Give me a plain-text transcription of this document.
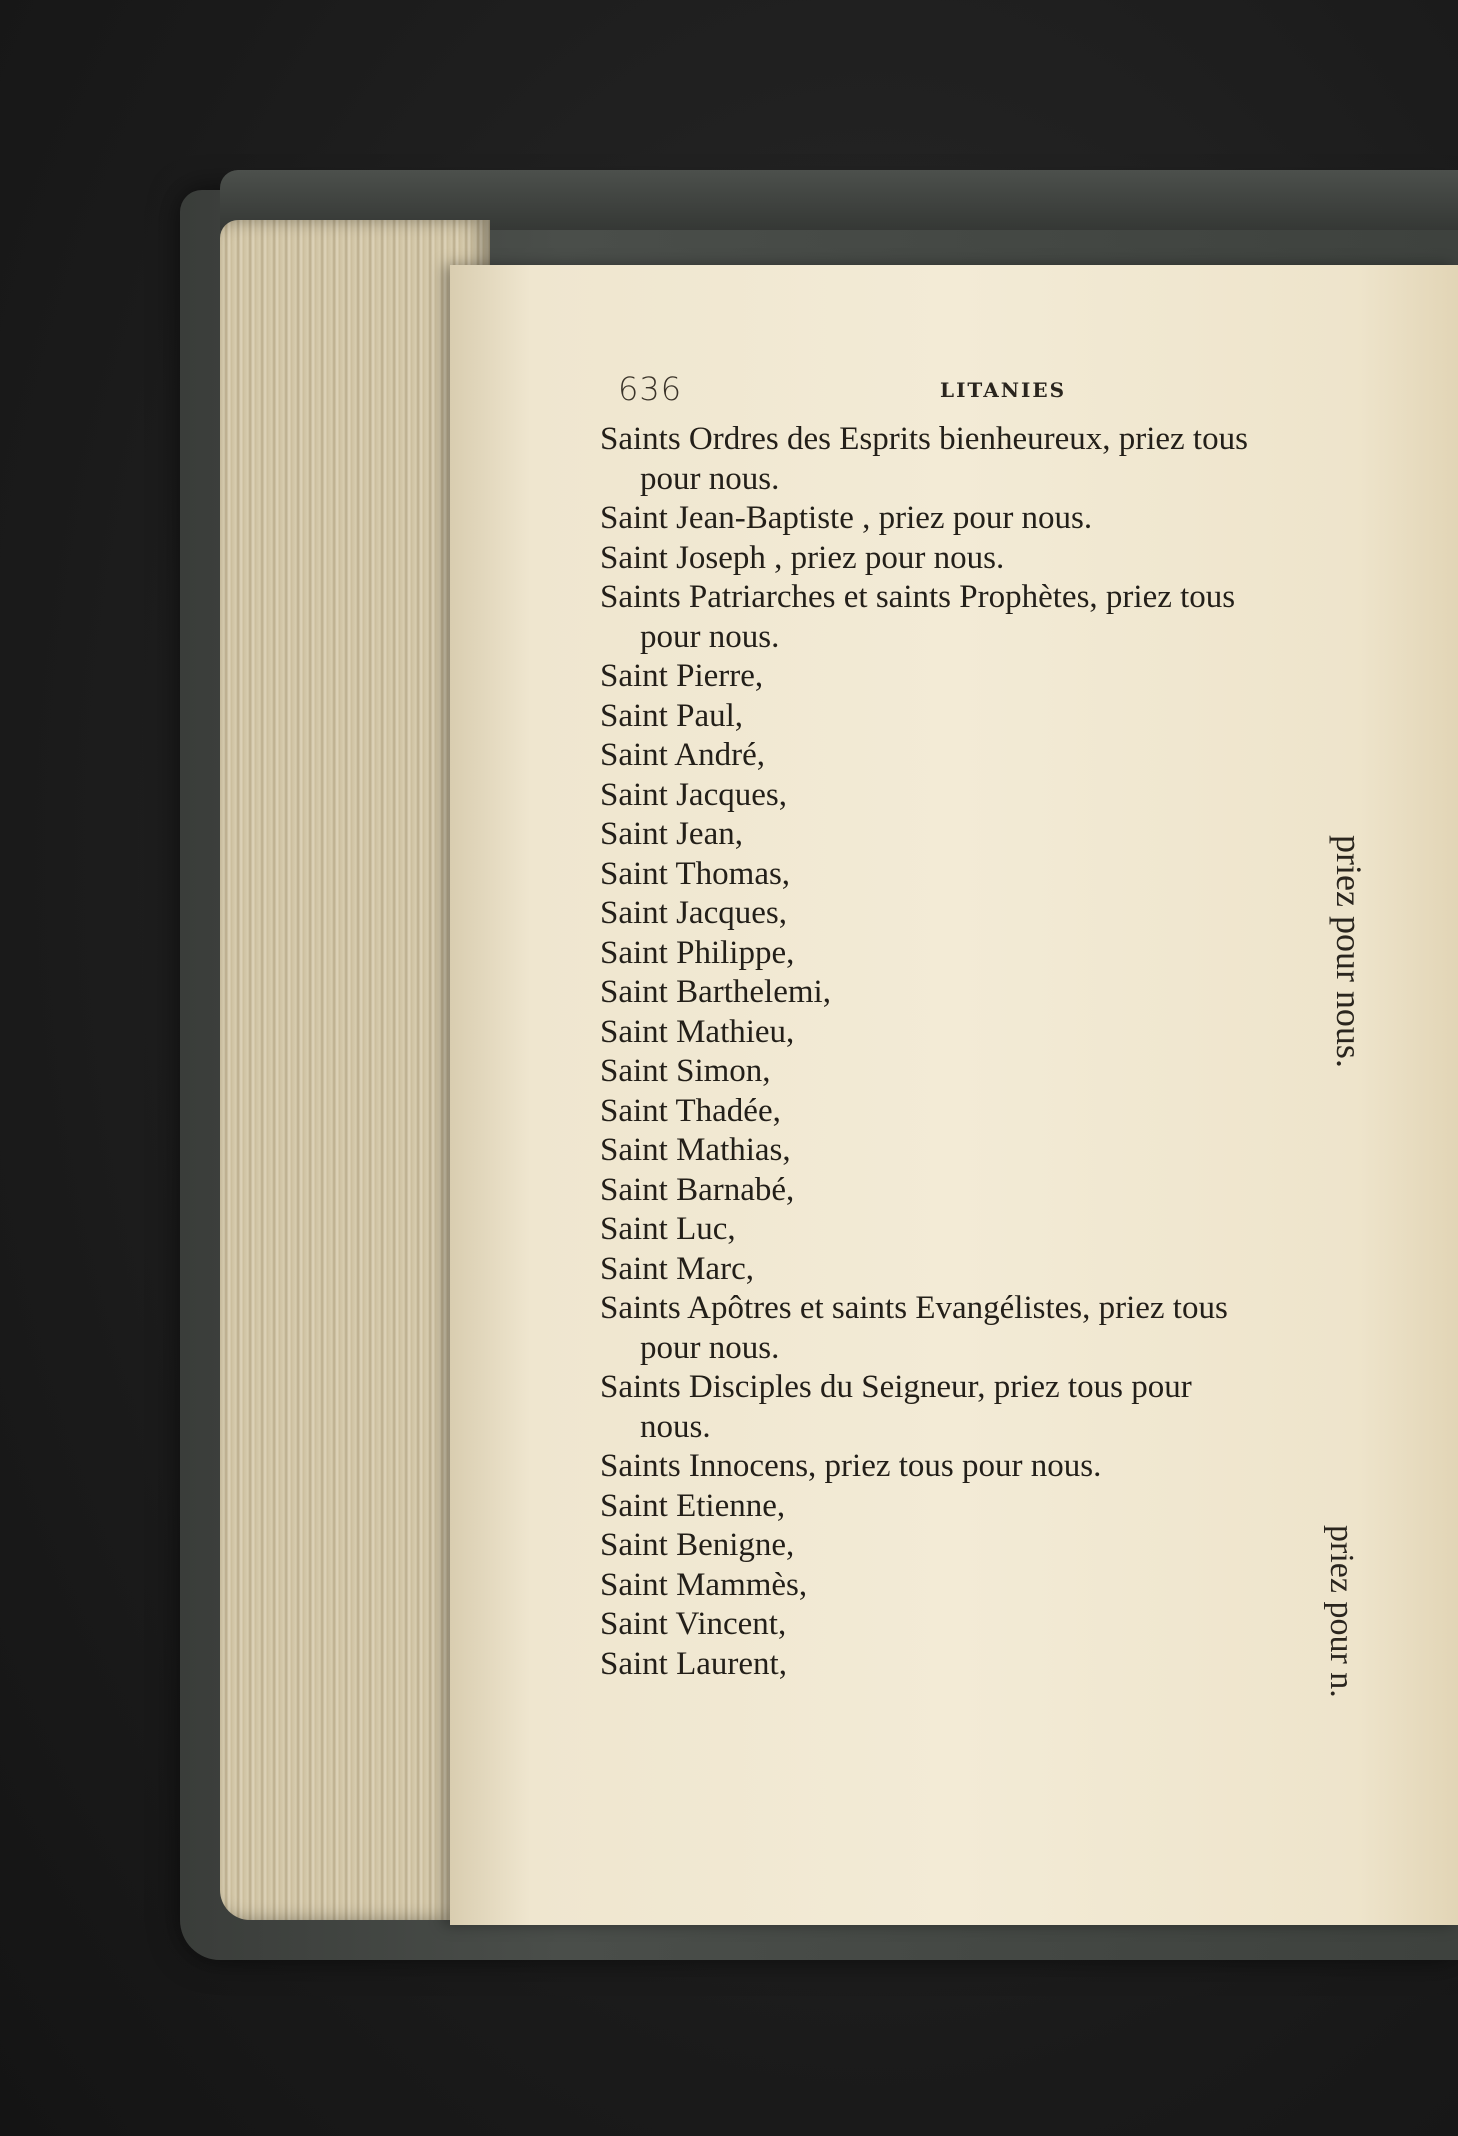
636	LITANIES
Saints Ordres des Esprits bienheureux, priez tous
pour nous.
Saint Jean-Baptiste , priez pour nous.
Saint Joseph , priez pour nous.
Saints Patriarches et saints Prophètes, priez tous
pour nous.
Saint Pierre,
Saint Paul,
Saint André,
Saint Jacques,
Saint Jean,
Saint Thomas,
Saint Jacques,
Saint Philippe,
Saint Barthelemi,
Saint Mathieu,
Saint Simon,
Saint Thadée,
Saint Mathias,
Saint Barnabé,
Saint Luc,
Saint Marc,
Saints Apôtres et saints Evangélistes, priez tous
pour nous.
Saints Disciples du Seigneur, priez tous pour
nous.
Saints Innocens, priez tous pour nous.
Saint Etienne,
Saint Benigne,
Saint Mammès,
Saint Vincent,
Saint Laurent,
priez pour nous.
priez pour n.
